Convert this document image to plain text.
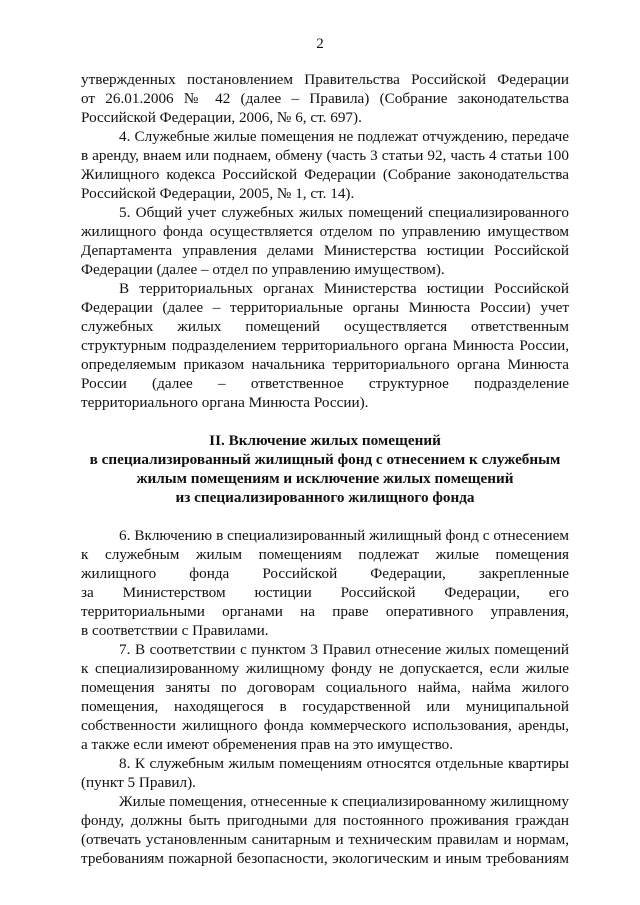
2
утвержденных постановлением Правительства Российской Федерации
от 26.01.2006 № 42 (далее – Правила) (Собрание законодательства
Российской Федерации, 2006, № 6, ст. 697).
4. Служебные жилые помещения не подлежат отчуждению, передаче
в аренду, внаем или поднаем, обмену (часть 3 статьи 92, часть 4 статьи 100
Жилищного кодекса Российской Федерации (Собрание законодательства
Российской Федерации, 2005, № 1, ст. 14).
5. Общий учет служебных жилых помещений специализированного
жилищного фонда осуществляется отделом по управлению имуществом
Департамента управления делами Министерства юстиции Российской
Федерации (далее – отдел по управлению имуществом).
В территориальных органах Министерства юстиции Российской
Федерации (далее – территориальные органы Минюста России) учет
служебных жилых помещений осуществляется ответственным
структурным подразделением территориального органа Минюста России,
определяемым приказом начальника территориального органа Минюста
России (далее – ответственное структурное подразделение
территориального органа Минюста России).
II. Включение жилых помещений
в специализированный жилищный фонд с отнесением к служебным
жилым помещениям и исключение жилых помещений
из специализированного жилищного фонда
6. Включению в специализированный жилищный фонд с отнесением
к служебным жилым помещениям подлежат жилые помещения
жилищного фонда Российской Федерации, закрепленные
за Министерством юстиции Российской Федерации, его
территориальными органами на праве оперативного управления,
в соответствии с Правилами.
7. В соответствии с пунктом 3 Правил отнесение жилых помещений
к специализированному жилищному фонду не допускается, если жилые
помещения заняты по договорам социального найма, найма жилого
помещения, находящегося в государственной или муниципальной
собственности жилищного фонда коммерческого использования, аренды,
а также если имеют обременения прав на это имущество.
8. К служебным жилым помещениям относятся отдельные квартиры
(пункт 5 Правил).
Жилые помещения, отнесенные к специализированному жилищному
фонду, должны быть пригодными для постоянного проживания граждан
(отвечать установленным санитарным и техническим правилам и нормам,
требованиям пожарной безопасности, экологическим и иным требованиям
